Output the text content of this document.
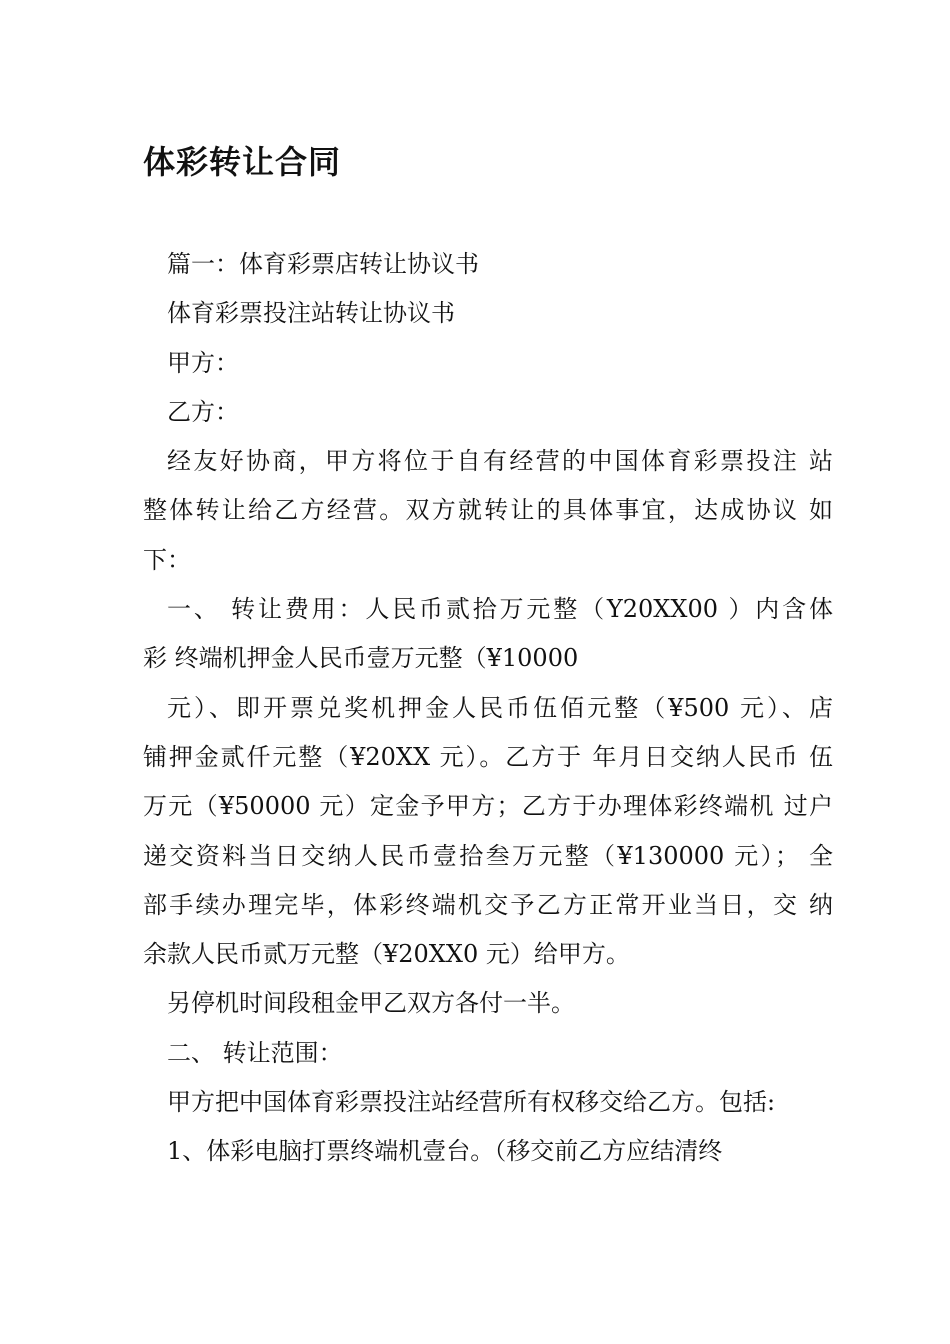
体彩转让合同
篇一：体育彩票店转让协议书
体育彩票投注站转让协议书
甲方：
乙方：
经友好协商，甲方将位于自有经营的中国体育彩票投注 站
整体转让给乙方经营。双方就转让的具体事宜，达成协议 如
下：
一、 转让费用：人民币贰拾万元整（Y20XX00 ）内含体
彩 终端机押金人民币壹万元整（¥10000
元）、即开票兑奖机押金人民币伍佰元整（¥500 元）、店
铺押金贰仟元整（¥20XX 元）。乙方于 年月日交纳人民币 伍
万元（¥50000 元）定金予甲方；乙方于办理体彩终端机 过户
递交资料当日交纳人民币壹拾叁万元整（¥130000 元）； 全
部手续办理完毕，体彩终端机交予乙方正常开业当日，交 纳
余款人民币贰万元整（¥20XX0 元）给甲方。
另停机时间段租金甲乙双方各付一半。
二、 转让范围：
甲方把中国体育彩票投注站经营所有权移交给乙方。包括:
1、体彩电脑打票终端机壹台。（移交前乙方应结清终
